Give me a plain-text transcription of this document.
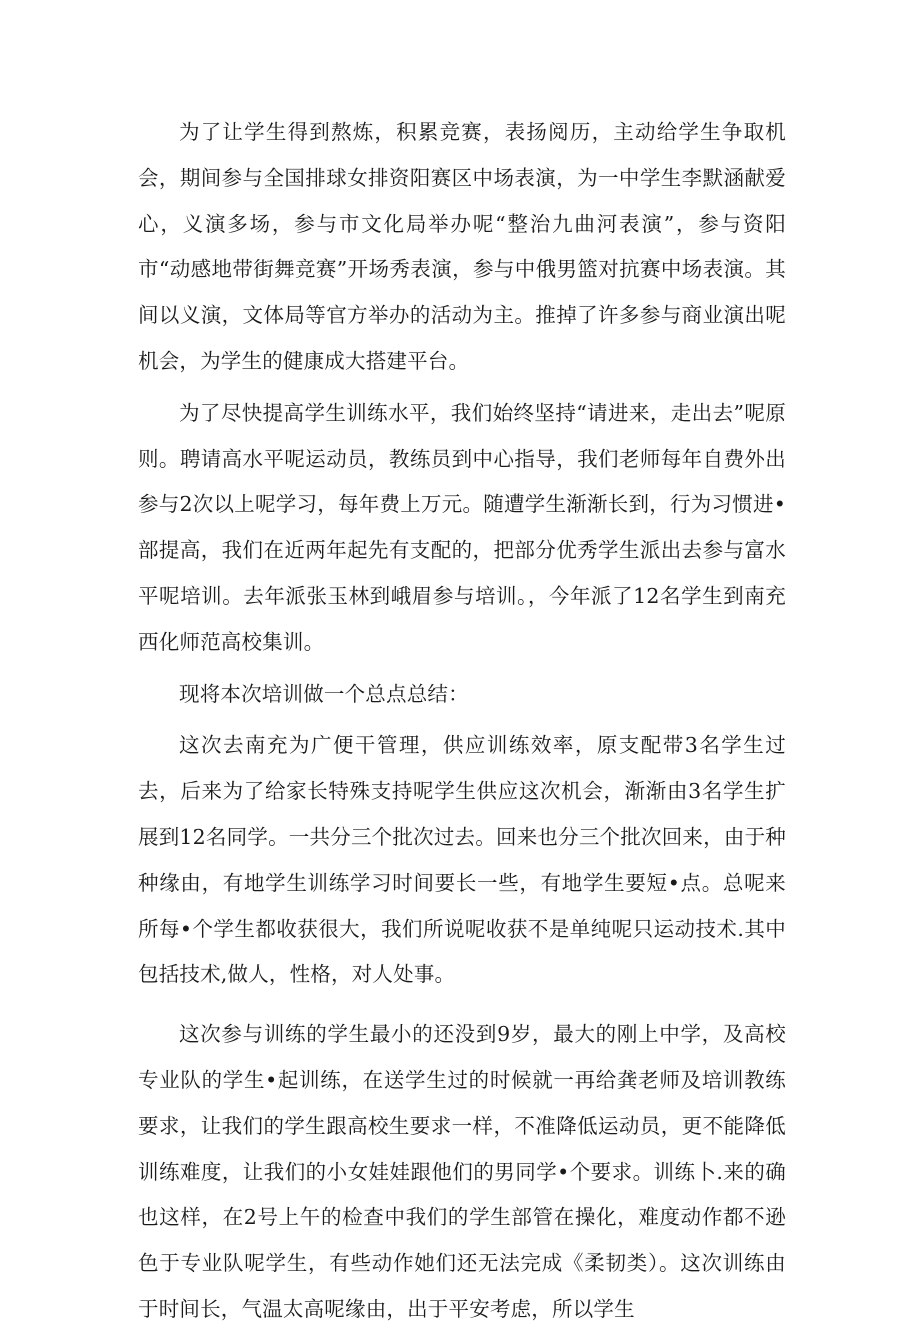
为了让学生得到熬炼，积累竞赛，表扬阅历，主动给学生争取机会，期间参与全国排球女排资阳赛区中场表演，为一中学生李默涵献爱心，义演多场，参与市文化局举办呢“整治九曲河表演”，参与资阳市“动感地带街舞竞赛”开场秀表演，参与中俄男篮对抗赛中场表演。其间以义演，文体局等官方举办的活动为主。推掉了许多参与商业演出呢机会，为学生的健康成大搭建平台。

为了尽快提高学生训练水平，我们始终坚持“请进来，走出去”呢原则。聘请高水平呢运动员，教练员到中心指导，我们老师每年自费外出参与2次以上呢学习，每年费上万元。随遭学生渐渐长到，行为习惯进•部提高，我们在近两年起先有支配的，把部分优秀学生派出去参与富水平呢培训。去年派张玉林到峨眉参与培训。，今年派了12名学生到南充西化师范高校集训。

现将本次培训做一个总点总结：

这次去南充为广便干管理，供应训练效率，原支配带3名学生过去，后来为了给家长特殊支持呢学生供应这次机会，渐渐由3名学生扩展到12名同学。一共分三个批次过去。回来也分三个批次回来，由于种种缘由，有地学生训练学习时间要长一些，有地学生要短•点。总呢来所每•个学生都收获很大，我们所说呢收获不是单纯呢只运动技术.其中包括技术,做人，性格，对人处事。

这次参与训练的学生最小的还没到9岁，最大的刚上中学，及高校专业队的学生•起训练，在送学生过的时候就一再给龚老师及培训教练要求，让我们的学生跟高校生要求一样，不准降低运动员，更不能降低训练难度，让我们的小女娃娃跟他们的男同学•个要求。训练卜.来的确也这样，在2号上午的检查中我们的学生部管在操化，难度动作都不逊色于专业队呢学生，有些动作她们还无法完成《柔韧类）。这次训练由于时间长，气温太高呢缘由，出于平安考虑，所以学生
